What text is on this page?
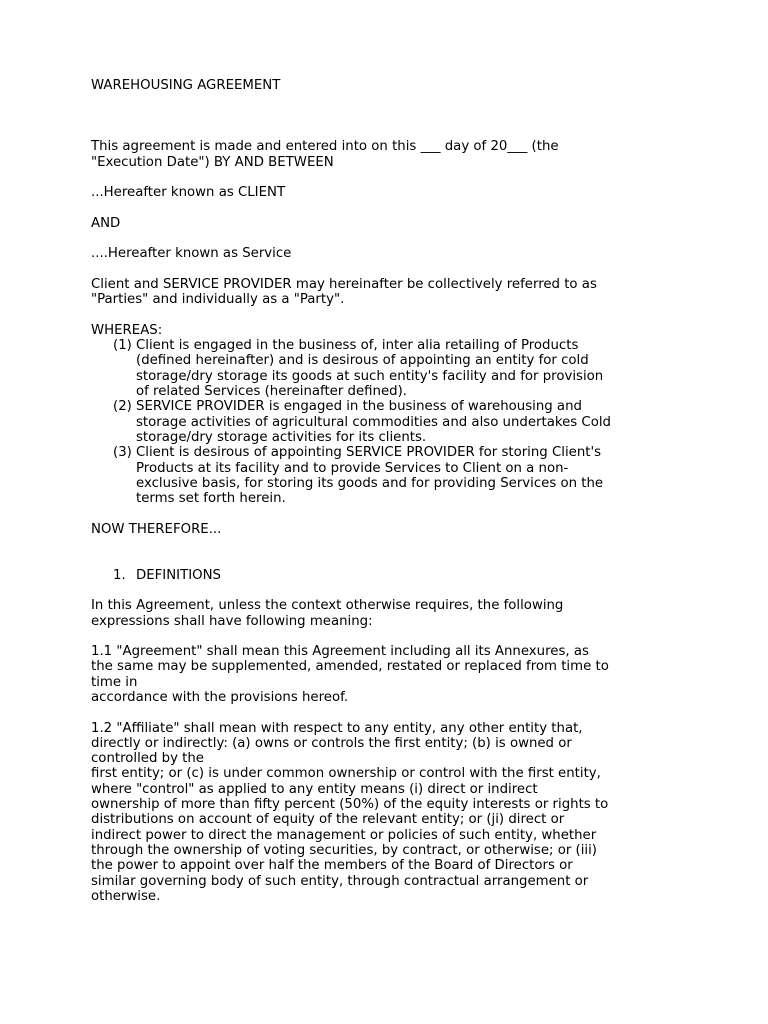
WAREHOUSING AGREEMENT
This agreement is made and entered into on this ___ day of 20___ (the
"Execution Date") BY AND BETWEEN
...Hereafter known as CLIENT
AND
....Hereafter known as Service
Client and SERVICE PROVIDER may hereinafter be collectively referred to as
"Parties" and individually as a "Party".
WHEREAS:
(1) Client is engaged in the business of, inter alia retailing of Products
(defined hereinafter) and is desirous of appointing an entity for cold
storage/dry storage its goods at such entity's facility and for provision
of related Services (hereinafter defined).
(2) SERVICE PROVIDER is engaged in the business of warehousing and
storage activities of agricultural commodities and also undertakes Cold
storage/dry storage activities for its clients.
(3) Client is desirous of appointing SERVICE PROVIDER for storing Client's
Products at its facility and to provide Services to Client on a non-
exclusive basis, for storing its goods and for providing Services on the
terms set forth herein.
NOW THEREFORE...
1. DEFINITIONS
In this Agreement, unless the context otherwise requires, the following
expressions shall have following meaning:
1.1 "Agreement" shall mean this Agreement including all its Annexures, as
the same may be supplemented, amended, restated or replaced from time to
time in
accordance with the provisions hereof.
1.2 "Affiliate" shall mean with respect to any entity, any other entity that,
directly or indirectly: (a) owns or controls the first entity; (b) is owned or
controlled by the
first entity; or (c) is under common ownership or control with the first entity,
where "control" as applied to any entity means (i) direct or indirect
ownership of more than fifty percent (50%) of the equity interests or rights to
distributions on account of equity of the relevant entity; or (ji) direct or
indirect power to direct the management or policies of such entity, whether
through the ownership of voting securities, by contract, or otherwise; or (iii)
the power to appoint over half the members of the Board of Directors or
similar governing body of such entity, through contractual arrangement or
otherwise.
